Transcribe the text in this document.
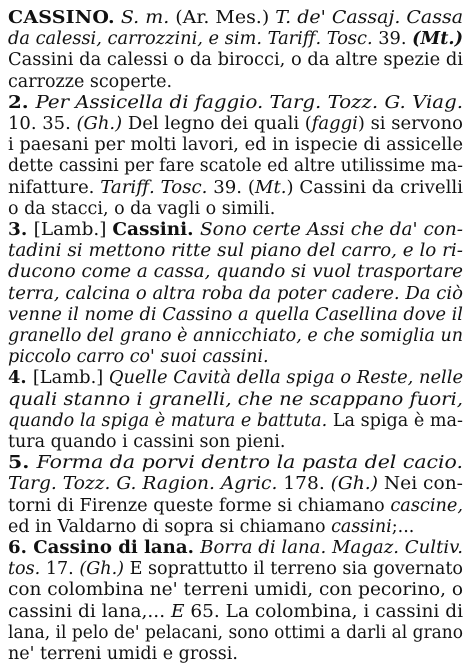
CASSINO. S. m. (Ar. Mes.) T. de' Cassaj. Cassa
da calessi, carrozzini, e sim. Tariff. Tosc. 39. (Mt.)
Cassini da calessi o da birocci, o da altre spezie di
carrozze scoperte.
2. Per Assicella di faggio. Targ. Tozz. G. Viag.
10. 35. (Gh.) Del legno dei quali (faggi) si servono
i paesani per molti lavori, ed in ispecie di assicelle
dette cassini per fare scatole ed altre utilissime ma-
nifatture. Tariff. Tosc. 39. (Mt.) Cassini da crivelli
o da stacci, o da vagli o simili.
3. [Lamb.] Cassini. Sono certe Assi che da' con-
tadini si mettono ritte sul piano del carro, e lo ri-
ducono come a cassa, quando si vuol trasportare
terra, calcina o altra roba da poter cadere. Da ciò
venne il nome di Cassino a quella Casellina dove il
granello del grano è annicchiato, e che somiglia un
piccolo carro co' suoi cassini.
4. [Lamb.] Quelle Cavità della spiga o Reste, nelle
quali stanno i granelli, che ne scappano fuori,
quando la spiga è matura e battuta. La spiga è ma-
tura quando i cassini son pieni.
5. Forma da porvi dentro la pasta del cacio.
Targ. Tozz. G. Ragion. Agric. 178. (Gh.) Nei con-
torni di Firenze queste forme si chiamano cascine,
ed in Valdarno di sopra si chiamano cassini;...
6. Cassino di lana. Borra di lana. Magaz. Cultiv.
tos. 17. (Gh.) E soprattutto il terreno sia governato
con colombina ne' terreni umidi, con pecorino, o
cassini di lana,... E 65. La colombina, i cassini di
lana, il pelo de' pelacani, sono ottimi a darli al grano
ne' terreni umidi e grossi.
